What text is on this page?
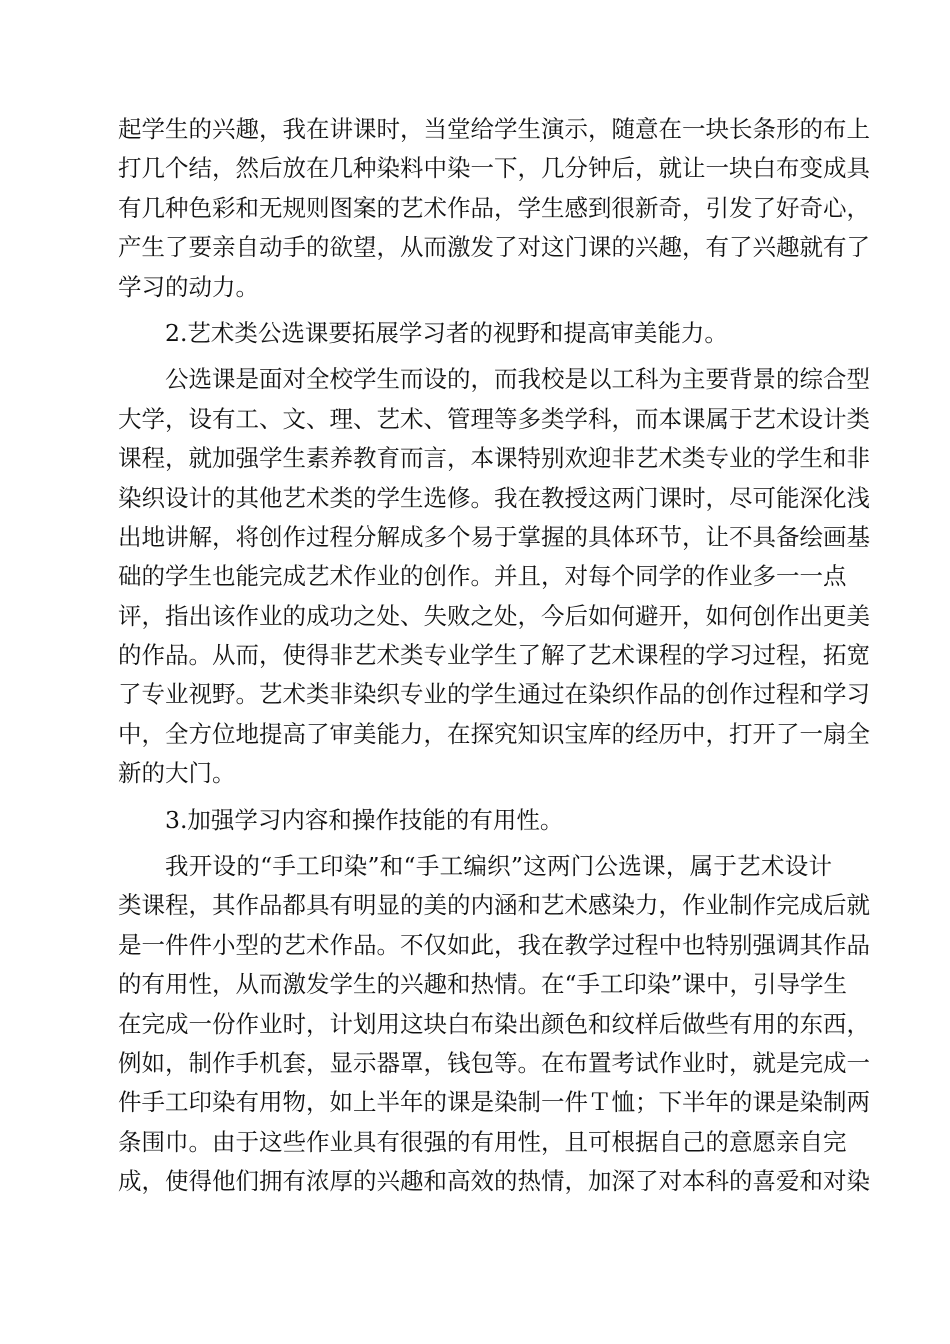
起学生的兴趣，我在讲课时，当堂给学生演示，随意在一块长条形的布上
打几个结，然后放在几种染料中染一下，几分钟后，就让一块白布变成具
有几种色彩和无规则图案的艺术作品，学生感到很新奇，引发了好奇心，
产生了要亲自动手的欲望，从而激发了对这门课的兴趣，有了兴趣就有了
学习的动力。
2.艺术类公选课要拓展学习者的视野和提高审美能力。
公选课是面对全校学生而设的，而我校是以工科为主要背景的综合型
大学，设有工、文、理、艺术、管理等多类学科，而本课属于艺术设计类
课程，就加强学生素养教育而言，本课特别欢迎非艺术类专业的学生和非
染织设计的其他艺术类的学生选修。我在教授这两门课时，尽可能深化浅
出地讲解，将创作过程分解成多个易于掌握的具体环节，让不具备绘画基
础的学生也能完成艺术作业的创作。并且，对每个同学的作业多一一点
评，指出该作业的成功之处、失败之处，今后如何避开，如何创作出更美
的作品。从而，使得非艺术类专业学生了解了艺术课程的学习过程，拓宽
了专业视野。艺术类非染织专业的学生通过在染织作品的创作过程和学习
中，全方位地提高了审美能力，在探究知识宝库的经历中，打开了一扇全
新的大门。
3.加强学习内容和操作技能的有用性。
我开设的“手工印染”和“手工编织”这两门公选课，属于艺术设计
类课程，其作品都具有明显的美的内涵和艺术感染力，作业制作完成后就
是一件件小型的艺术作品。不仅如此，我在教学过程中也特别强调其作品
的有用性，从而激发学生的兴趣和热情。在“手工印染”课中，引导学生
在完成一份作业时，计划用这块白布染出颜色和纹样后做些有用的东西，
例如，制作手机套，显示器罩，钱包等。在布置考试作业时，就是完成一
件手工印染有用物，如上半年的课是染制一件Ｔ恤；下半年的课是染制两
条围巾。由于这些作业具有很强的有用性，且可根据自己的意愿亲自完
成，使得他们拥有浓厚的兴趣和高效的热情，加深了对本科的喜爱和对染
